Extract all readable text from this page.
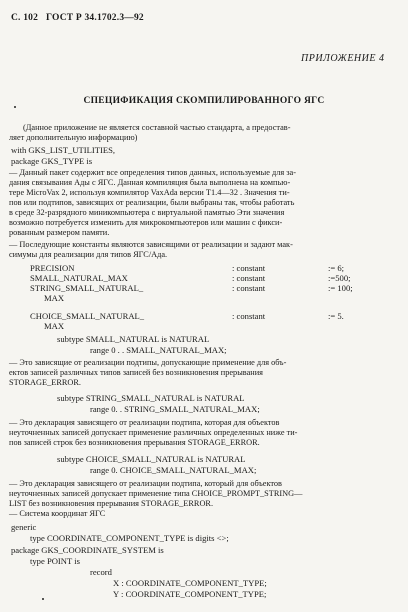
С. 102 ГОСТ Р 34.1702.3—92
ПРИЛОЖЕНИЕ 4
СПЕЦИФИКАЦИЯ СКОМПИЛИРОВАННОГО ЯГС
(Данное приложение не является составной частью стандарта, а предостав-
ляет дополнительную информацию)
with GKS_LIST_UTILITIES,
package GKS_TYPE is
— Данный пакет содержит все определения типов данных, используемые для за-
дания связывания Ады с ЯГС. Данная компиляция была выполнена на компью-
тере MicroVax 2, используя компилятор VaxAda версии T1.4—32 . Значения ти-
пов или подтипов, зависящих от реализации, были выбраны так, чтобы работать
в среде 32-разрядного миникомпьютера с виртуальной памятью Эти значения
возможно потребуется изменить для микрокомпьютеров или машин с фикси-
рованным размером памяти.
— Последующие константы являются зависящими от реализации и задают мак-
симумы для реализации для типов ЯГС/Ада.
PRECISION	: constant	:= 6;
SMALL_NATURAL_MAX	: constant	:=500;
STRING_SMALL_NATURAL_	: constant	:= 100;
MAX
CHOICE_SMALL_NATURAL_	: constant	:= 5.
MAX
subtype SMALL_NATURAL is NATURAL
range 0 . . SMALL_NATURAL_MAX;
— Это зависящие от реализации подтипы, допускающие применение для объ-
ектов записей различных типов записей без возникновения прерывания
STORAGE_ERROR.
subtype STRING_SMALL_NATURAL is NATURAL
range 0. . STRING_SMALL_NATURAL_MAX;
— Это декларация зависящего от реализации подтипа, которая для объектов
неуточненных записей допускает применение различных определенных ниже ти-
пов записей строк без возникновения прерывания STORAGE_ERROR.
subtype CHOICE_SMALL_NATURAL is NATURAL
range 0. CHOICE_SMALL_NATURAL_MAX;
— Это декларация зависящего от реализации подтипа, который для объектов
неуточненных записей допускает применение типа CHOICE_PROMPT_STRING—
LIST без возникновения прерывания STORAGE_ERROR.
— Система координат ЯГС
generic
type COORDINATE_COMPONENT_TYPE is digits <>;
package GKS_COORDINATE_SYSTEM is
type POINT is
record
X : COORDINATE_COMPONENT_TYPE;
Y : COORDINATE_COMPONENT_TYPE;
